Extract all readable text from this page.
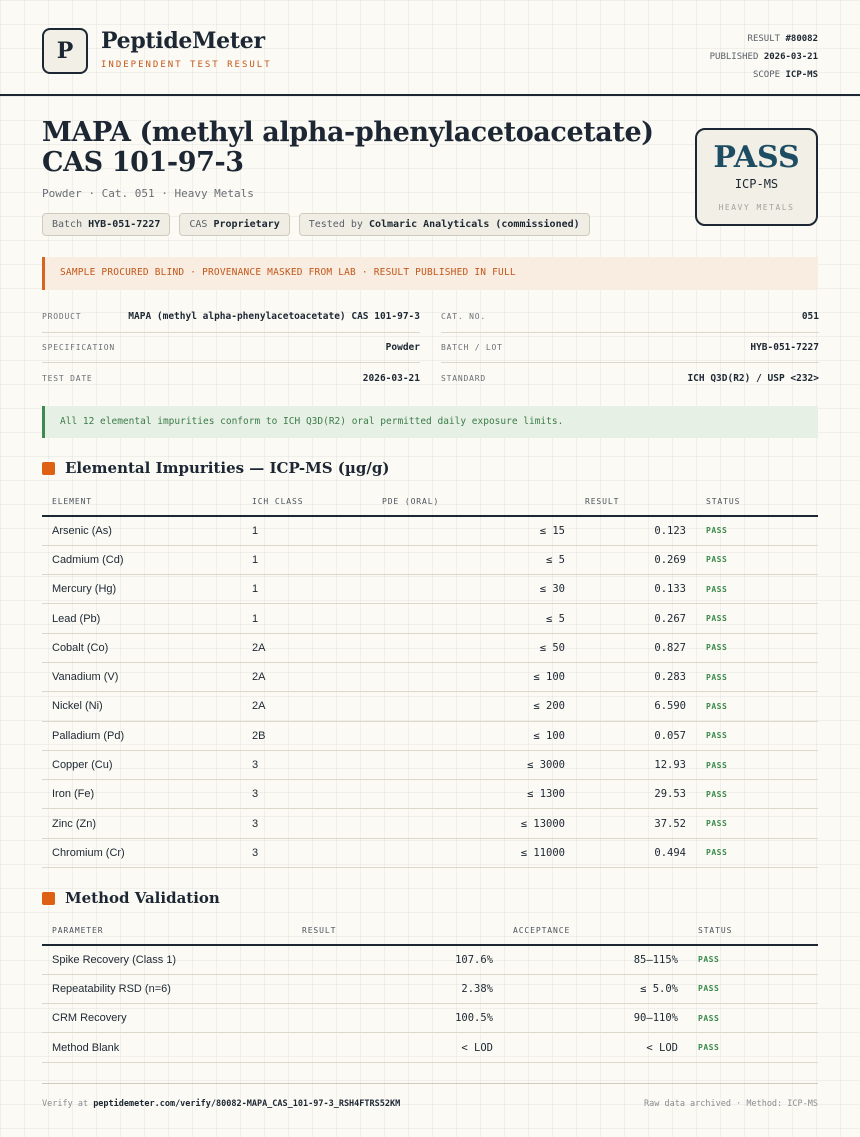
P	PeptideMeter
INDEPENDENT TEST RESULT
RESULT #80082
PUBLISHED 2026-03-21
SCOPE ICP-MS
MAPA (methyl alpha-phenylacetoacetate) CAS 101-97-3
Powder · Cat. 051 · Heavy Metals
Batch HYB-051-7227	CAS Proprietary	Tested by Colmaric Analyticals (commissioned)
PASS
ICP-MS
HEAVY METALS
SAMPLE PROCURED BLIND · PROVENANCE MASKED FROM LAB · RESULT PUBLISHED IN FULL
PRODUCT	MAPA (methyl alpha-phenylacetoacetate) CAS 101-97-3
SPECIFICATION	Powder
TEST DATE	2026-03-21
CAT. NO.	051
BATCH / LOT	HYB-051-7227
STANDARD	ICH Q3D(R2) / USP <232>
All 12 elemental impurities conform to ICH Q3D(R2) oral permitted daily exposure limits.
Elemental Impurities — ICP-MS (µg/g)
ELEMENT	ICH CLASS	PDE (ORAL)	RESULT	STATUS
Arsenic (As)	1	≤ 15	0.123	PASS
Cadmium (Cd)	1	≤ 5	0.269	PASS
Mercury (Hg)	1	≤ 30	0.133	PASS
Lead (Pb)	1	≤ 5	0.267	PASS
Cobalt (Co)	2A	≤ 50	0.827	PASS
Vanadium (V)	2A	≤ 100	0.283	PASS
Nickel (Ni)	2A	≤ 200	6.590	PASS
Palladium (Pd)	2B	≤ 100	0.057	PASS
Copper (Cu)	3	≤ 3000	12.93	PASS
Iron (Fe)	3	≤ 1300	29.53	PASS
Zinc (Zn)	3	≤ 13000	37.52	PASS
Chromium (Cr)	3	≤ 11000	0.494	PASS
Method Validation
PARAMETER	RESULT	ACCEPTANCE	STATUS
Spike Recovery (Class 1)	107.6%	85–115%	PASS
Repeatability RSD (n=6)	2.38%	≤ 5.0%	PASS
CRM Recovery	100.5%	90–110%	PASS
Method Blank	< LOD	< LOD	PASS
Verify at peptidemeter.com/verify/80082-MAPA_CAS_101-97-3_RSH4FTRS52KM	Raw data archived · Method: ICP-MS
